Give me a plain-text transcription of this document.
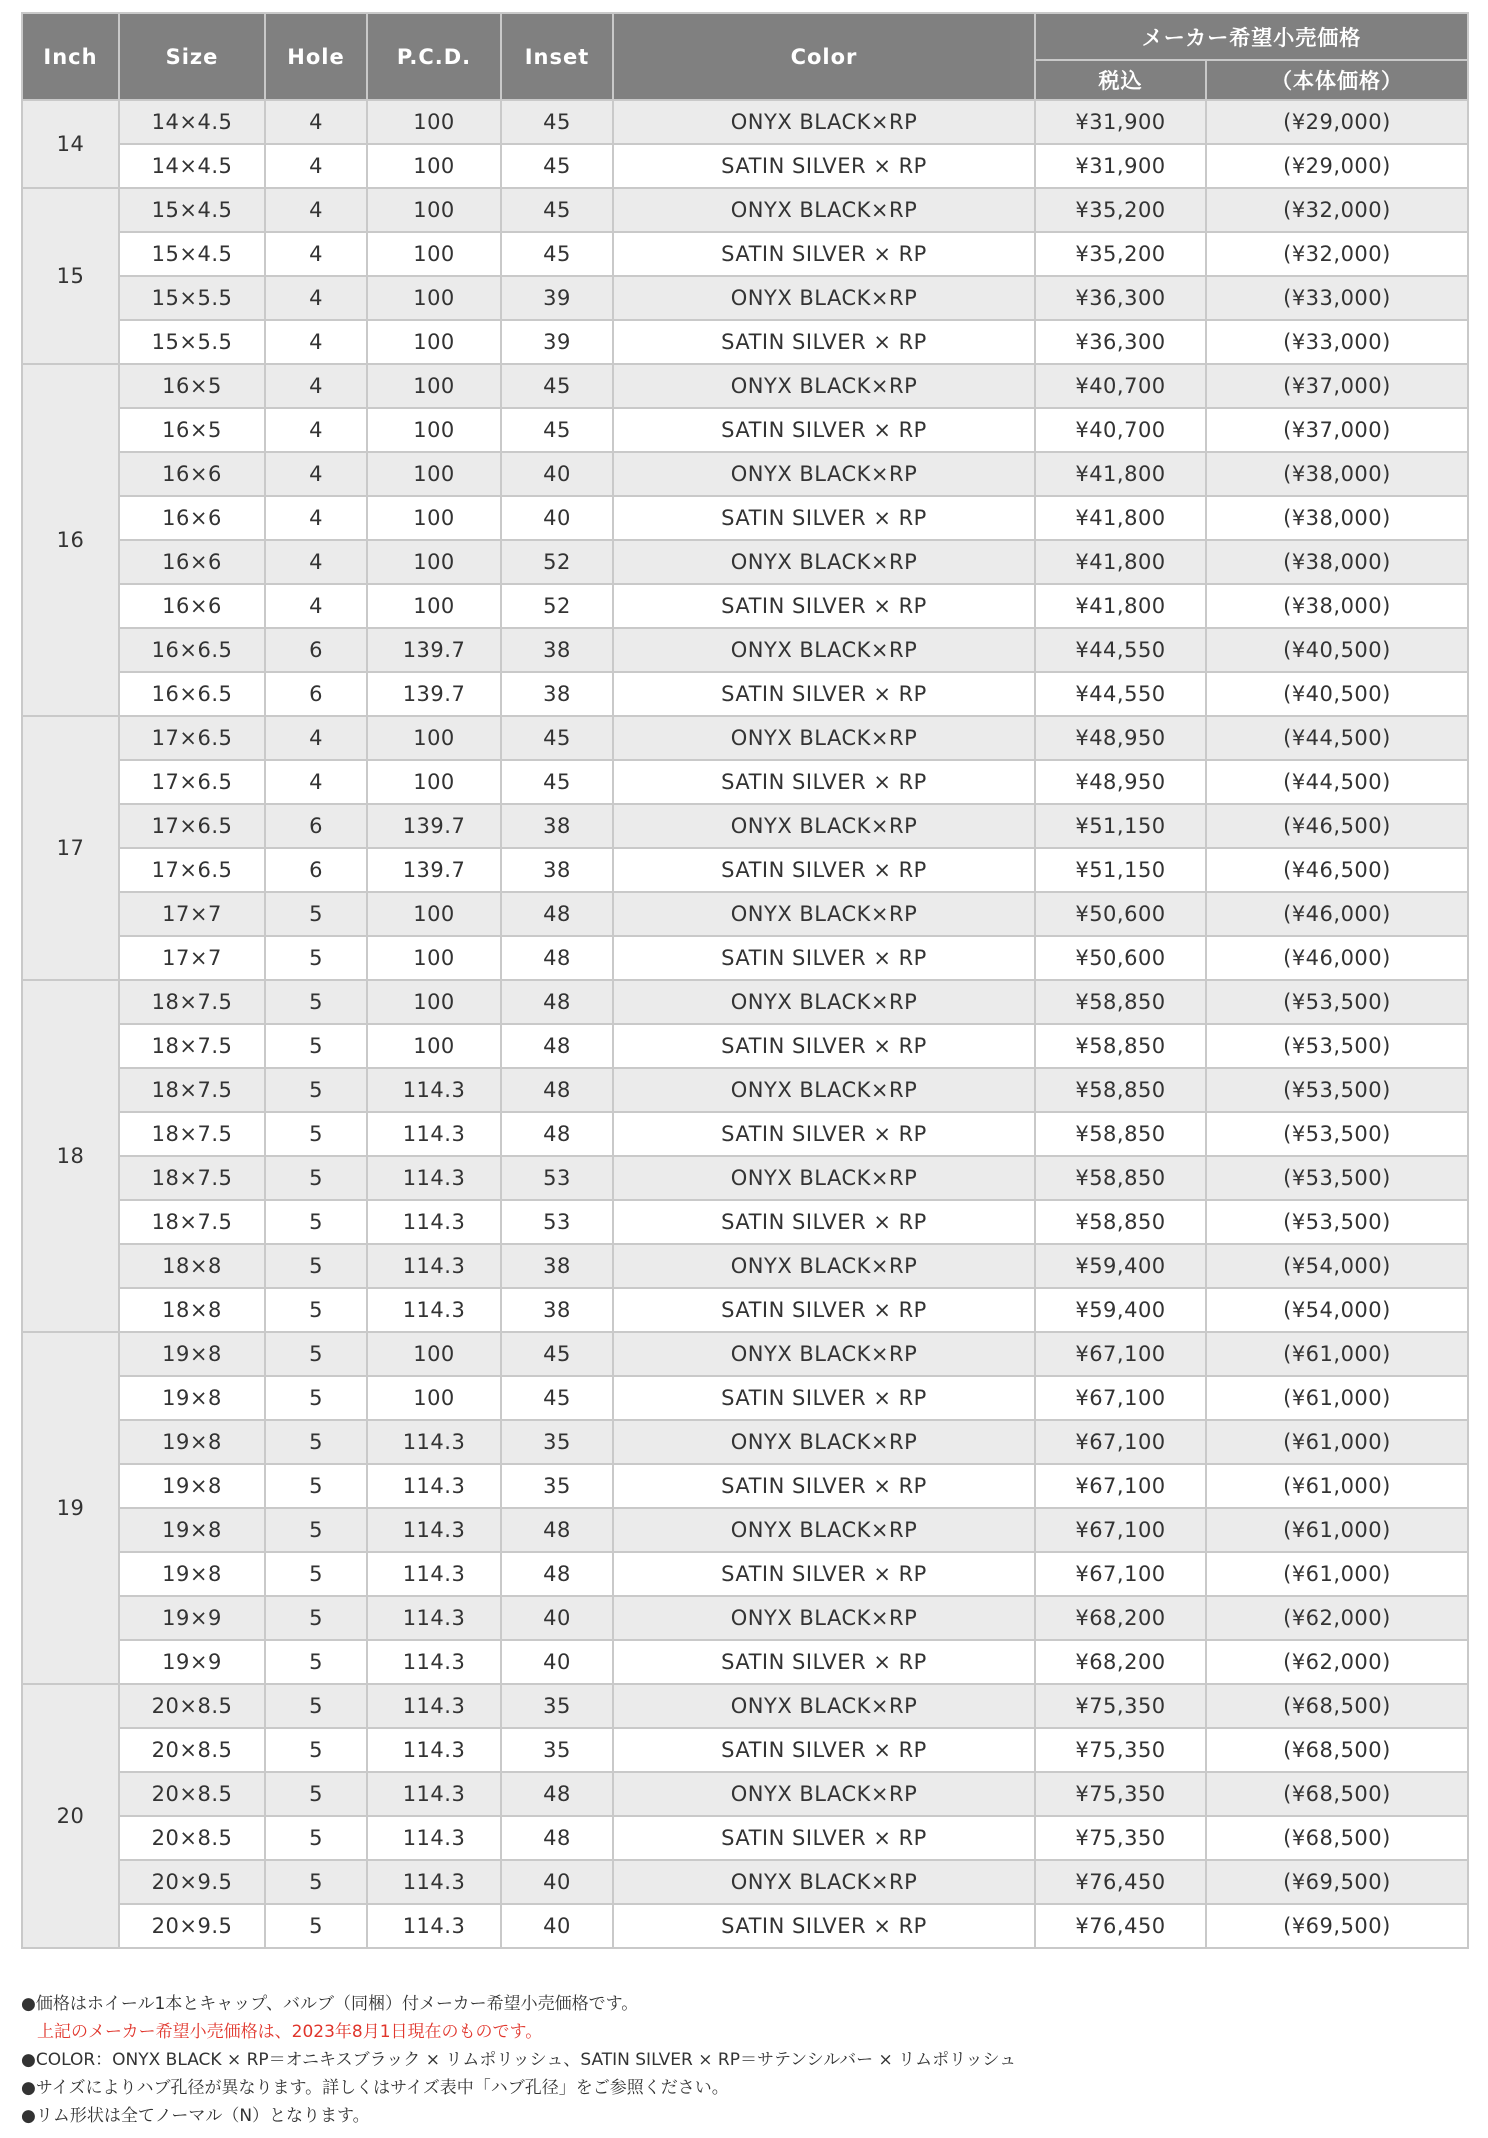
Inch	Size	Hole	P.C.D.	Inset	Color	メーカー希望小売価格	
						税込	（本体価格）
14	14×4.5	4	100	45	ONYX BLACK×RP	¥31,900	(¥29,000)
	14×4.5	4	100	45	SATIN SILVER × RP	¥31,900	(¥29,000)
15	15×4.5	4	100	45	ONYX BLACK×RP	¥35,200	(¥32,000)
	15×4.5	4	100	45	SATIN SILVER × RP	¥35,200	(¥32,000)
	15×5.5	4	100	39	ONYX BLACK×RP	¥36,300	(¥33,000)
	15×5.5	4	100	39	SATIN SILVER × RP	¥36,300	(¥33,000)
16	16×5	4	100	45	ONYX BLACK×RP	¥40,700	(¥37,000)
	16×5	4	100	45	SATIN SILVER × RP	¥40,700	(¥37,000)
	16×6	4	100	40	ONYX BLACK×RP	¥41,800	(¥38,000)
	16×6	4	100	40	SATIN SILVER × RP	¥41,800	(¥38,000)
	16×6	4	100	52	ONYX BLACK×RP	¥41,800	(¥38,000)
	16×6	4	100	52	SATIN SILVER × RP	¥41,800	(¥38,000)
	16×6.5	6	139.7	38	ONYX BLACK×RP	¥44,550	(¥40,500)
	16×6.5	6	139.7	38	SATIN SILVER × RP	¥44,550	(¥40,500)
17	17×6.5	4	100	45	ONYX BLACK×RP	¥48,950	(¥44,500)
	17×6.5	4	100	45	SATIN SILVER × RP	¥48,950	(¥44,500)
	17×6.5	6	139.7	38	ONYX BLACK×RP	¥51,150	(¥46,500)
	17×6.5	6	139.7	38	SATIN SILVER × RP	¥51,150	(¥46,500)
	17×7	5	100	48	ONYX BLACK×RP	¥50,600	(¥46,000)
	17×7	5	100	48	SATIN SILVER × RP	¥50,600	(¥46,000)
18	18×7.5	5	100	48	ONYX BLACK×RP	¥58,850	(¥53,500)
	18×7.5	5	100	48	SATIN SILVER × RP	¥58,850	(¥53,500)
	18×7.5	5	114.3	48	ONYX BLACK×RP	¥58,850	(¥53,500)
	18×7.5	5	114.3	48	SATIN SILVER × RP	¥58,850	(¥53,500)
	18×7.5	5	114.3	53	ONYX BLACK×RP	¥58,850	(¥53,500)
	18×7.5	5	114.3	53	SATIN SILVER × RP	¥58,850	(¥53,500)
	18×8	5	114.3	38	ONYX BLACK×RP	¥59,400	(¥54,000)
	18×8	5	114.3	38	SATIN SILVER × RP	¥59,400	(¥54,000)
19	19×8	5	100	45	ONYX BLACK×RP	¥67,100	(¥61,000)
	19×8	5	100	45	SATIN SILVER × RP	¥67,100	(¥61,000)
	19×8	5	114.3	35	ONYX BLACK×RP	¥67,100	(¥61,000)
	19×8	5	114.3	35	SATIN SILVER × RP	¥67,100	(¥61,000)
	19×8	5	114.3	48	ONYX BLACK×RP	¥67,100	(¥61,000)
	19×8	5	114.3	48	SATIN SILVER × RP	¥67,100	(¥61,000)
	19×9	5	114.3	40	ONYX BLACK×RP	¥68,200	(¥62,000)
	19×9	5	114.3	40	SATIN SILVER × RP	¥68,200	(¥62,000)
20	20×8.5	5	114.3	35	ONYX BLACK×RP	¥75,350	(¥68,500)
	20×8.5	5	114.3	35	SATIN SILVER × RP	¥75,350	(¥68,500)
	20×8.5	5	114.3	48	ONYX BLACK×RP	¥75,350	(¥68,500)
	20×8.5	5	114.3	48	SATIN SILVER × RP	¥75,350	(¥68,500)
	20×9.5	5	114.3	40	ONYX BLACK×RP	¥76,450	(¥69,500)
	20×9.5	5	114.3	40	SATIN SILVER × RP	¥76,450	(¥69,500)
●価格はホイール1本とキャップ、バルブ（同梱）付メーカー希望小売価格です。
上記のメーカー希望小売価格は、2023年8月1日現在のものです。
●COLOR：ONYX BLACK × RP＝オニキスブラック × リムポリッシュ、SATIN SILVER × RP＝サテンシルバー × リムポリッシュ
●サイズによりハブ孔径が異なります。詳しくはサイズ表中「ハブ孔径」をご参照ください。
●リム形状は全てノーマル（N）となります。
